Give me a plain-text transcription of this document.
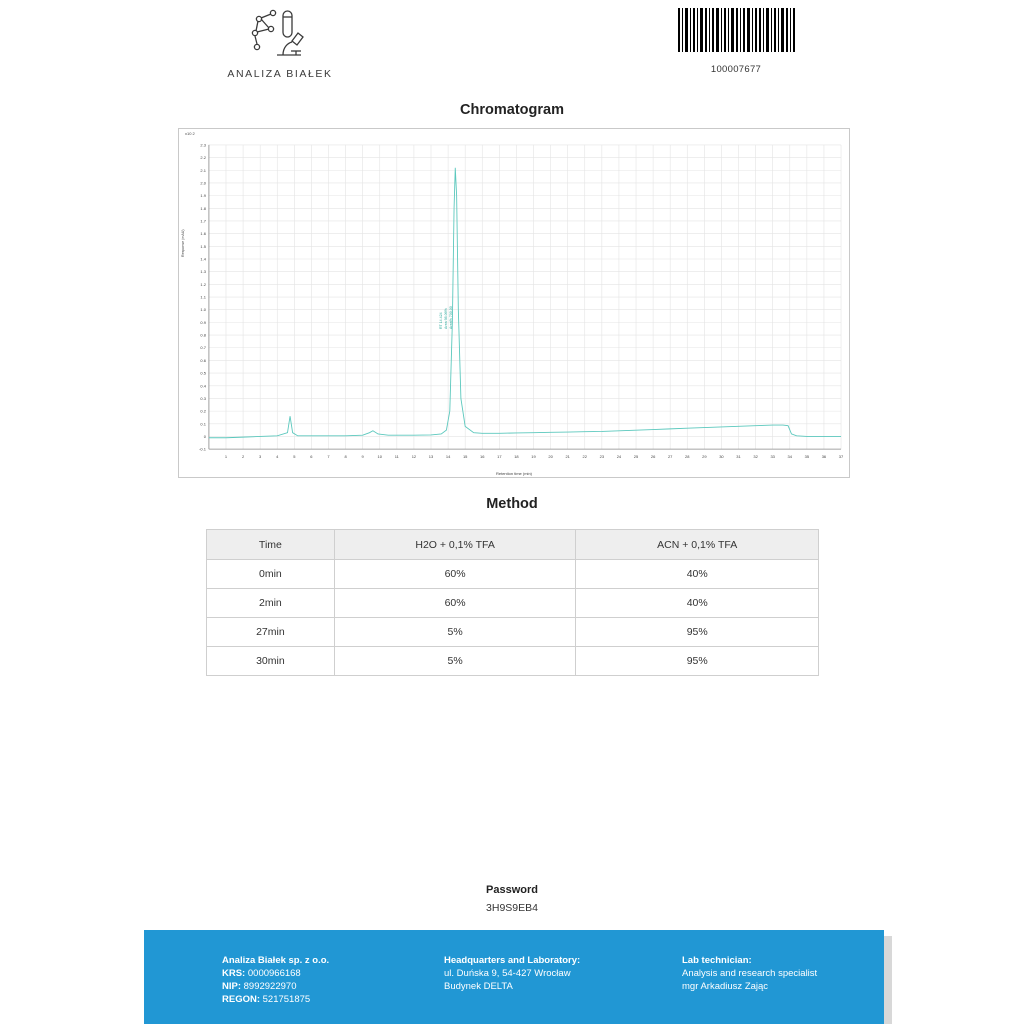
ANALIZA BIAŁEK	100007677
Chromatogram
-0.1
0
0.1
0.2
0.3
0.4
0.5
0.6
0.7
0.8
0.9
1.0
1.1
1.2
1.3
1.4
1.5
1.6
1.7
1.8
1.9
2.0
2.1
2.2
2.3
1	2	3	4	5	6	7	8	9	10	11	12	13	14	15	16	17	18	19	20	21	22	23	24	25	26	27	28	29	30	31	32	33	34	35	36	37
x10 2
Retention time (min)
RT 14.424 Area 98.06% Area% 700.00
Method
Time	H2O + 0,1% TFA	ACN + 0,1% TFA
0min	60%	40%
2min	60%	40%
27min	5%	95%
30min	5%	95%
Password
3H9S9EB4
Analiza Białek sp. z o.o.
KRS: 0000966168
NIP: 8992922970
REGON: 521751875
Headquarters and Laboratory:
ul. Duńska 9, 54-427 Wrocław
Budynek DELTA
Lab technician:
Analysis and research specialist
mgr Arkadiusz Zając
